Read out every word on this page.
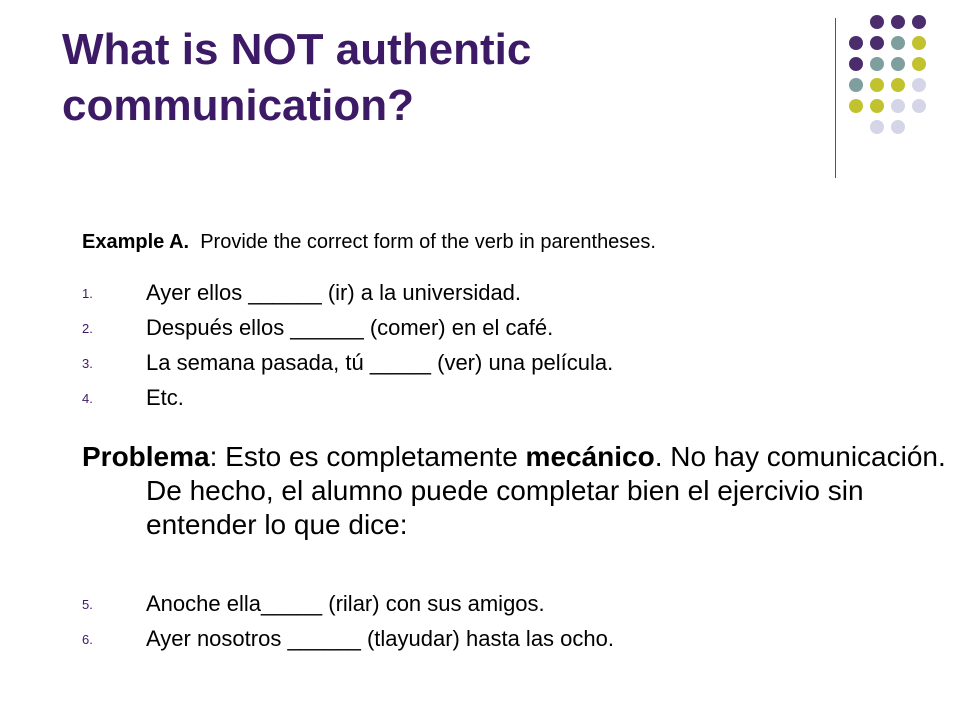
What is NOT authentic communication?
Example A.  Provide the correct form of the verb in parentheses.
1. Ayer ellos ______ (ir) a la universidad.
2. Después ellos ______ (comer) en el café.
3. La semana pasada, tú _____ (ver) una película.
4. Etc.
Problema: Esto es completamente mecánico. No hay comunicación. De hecho, el alumno puede completar bien el ejercivio sin entender lo que dice:
5. Anoche ella_____ (rilar) con sus amigos.
6. Ayer nosotros ______ (tlayudar) hasta las ocho.
